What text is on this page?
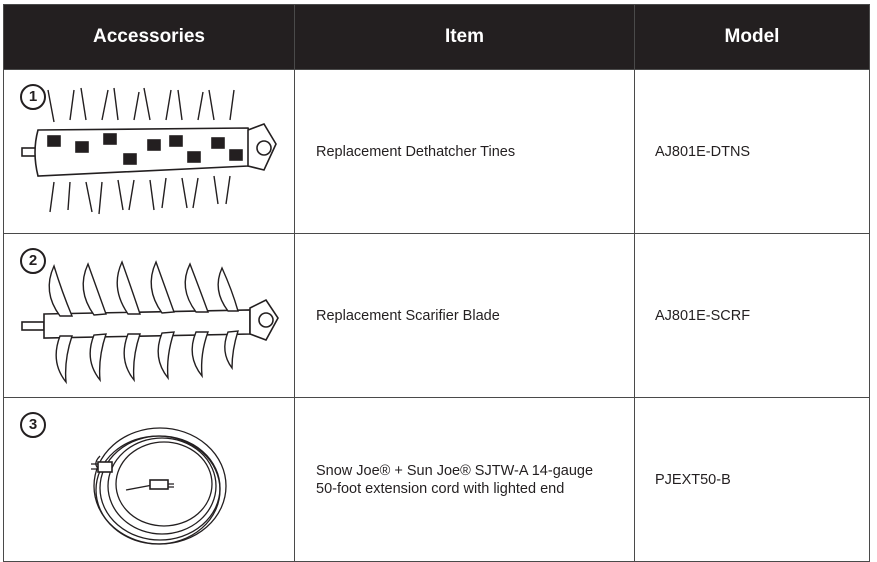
Accessories	Item	Model

1	Replacement Dethatcher Tines	AJ801E-DTNS

2	Replacement Scarifier Blade	AJ801E-SCRF

3	Snow Joe® + Sun Joe® SJTW-A 14-gauge
50-foot extension cord with lighted end	PJEXT50-B
